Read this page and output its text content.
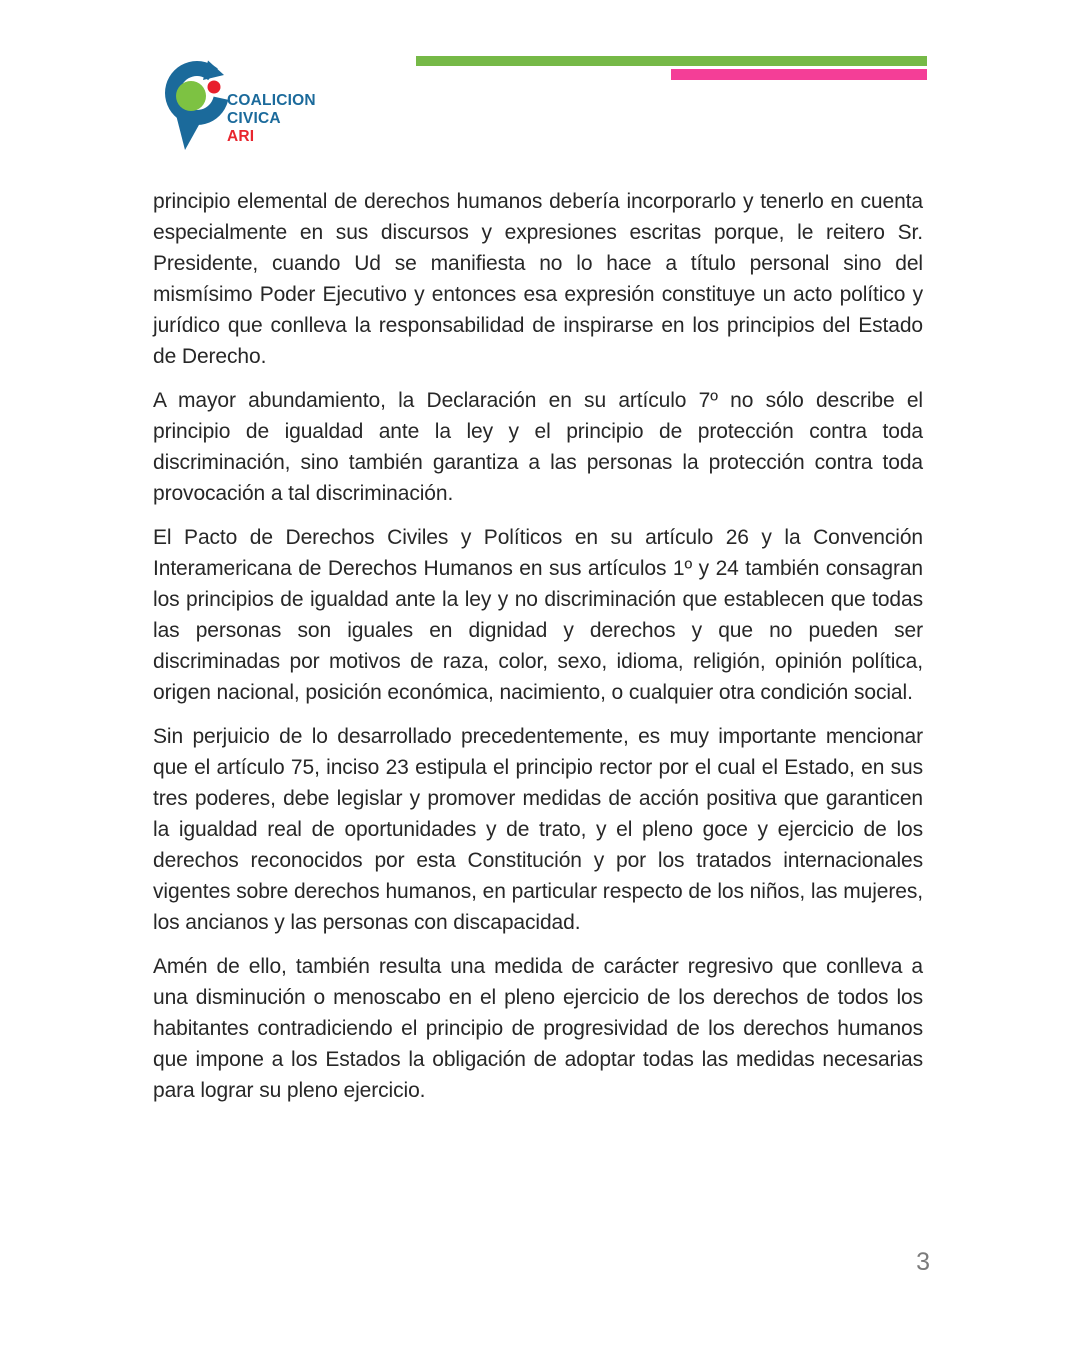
COALICION
CIVICA
ARI

principio elemental de derechos humanos debería incorporarlo y tenerlo en cuenta especialmente en sus discursos y expresiones escritas porque, le reitero Sr. Presidente, cuando Ud se manifiesta no lo hace a título personal sino del mismísimo Poder Ejecutivo y entonces esa expresión constituye un acto político y jurídico que conlleva la responsabilidad de inspirarse en los principios del Estado de Derecho.

A mayor abundamiento, la Declaración en su artículo 7º no sólo describe el principio de igualdad ante la ley y el principio de protección contra toda discriminación, sino también garantiza a las personas la protección contra toda provocación a tal discriminación.

El Pacto de Derechos Civiles y Políticos en su artículo 26 y la Convención Interamericana de Derechos Humanos en sus artículos 1º y 24 también consagran los principios de igualdad ante la ley y no discriminación que establecen que todas las personas son iguales en dignidad y derechos y que no pueden ser discriminadas por motivos de raza, color, sexo, idioma, religión, opinión política, origen nacional, posición económica, nacimiento, o cualquier otra condición social.

Sin perjuicio de lo desarrollado precedentemente, es muy importante mencionar que el artículo 75, inciso 23 estipula el principio rector por el cual el Estado, en sus tres poderes, debe legislar y promover medidas de acción positiva que garanticen la igualdad real de oportunidades y de trato, y el pleno goce y ejercicio de los derechos reconocidos por esta Constitución y por los tratados internacionales vigentes sobre derechos humanos, en particular respecto de los niños, las mujeres, los ancianos y las personas con discapacidad.

Amén de ello, también resulta una medida de carácter regresivo que conlleva a una disminución o menoscabo en el pleno ejercicio de los derechos de todos los habitantes contradiciendo el principio de progresividad de los derechos humanos que impone a los Estados la obligación de adoptar todas las medidas necesarias para lograr su pleno ejercicio.

3
